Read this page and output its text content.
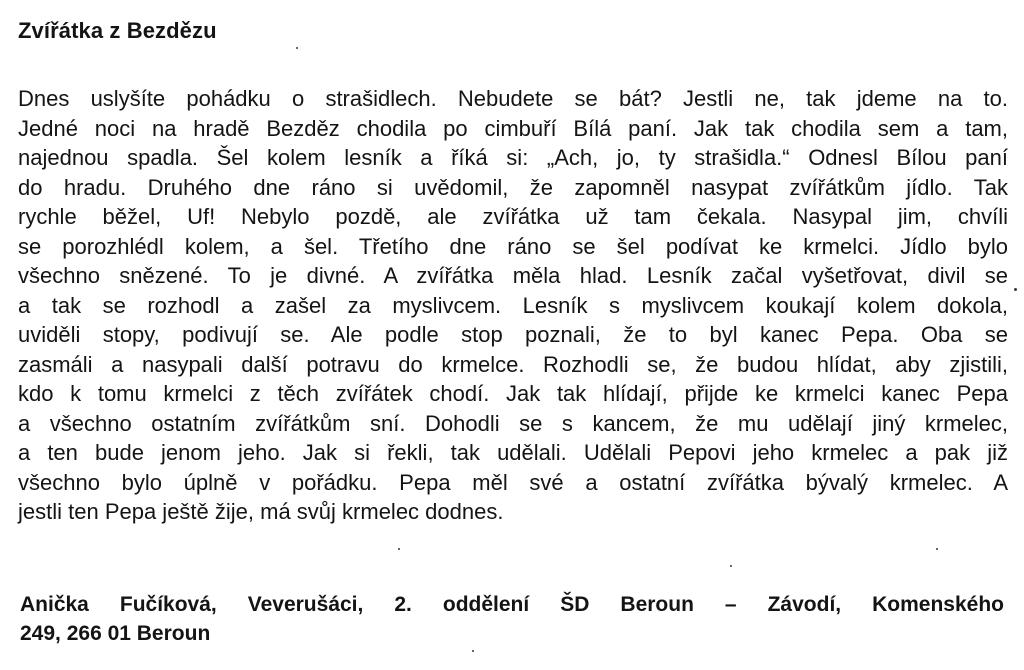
Zvířátka z Bezdězu

Dnes uslyšíte pohádku o strašidlech. Nebudete se bát? Jestli ne, tak jdeme na to.
Jedné noci na hradě Bezděz chodila po cimbuří Bílá paní. Jak tak chodila sem a tam,
najednou spadla. Šel kolem lesník a říká si: „Ach, jo, ty strašidla.“ Odnesl Bílou paní
do hradu. Druhého dne ráno si uvědomil, že zapomněl nasypat zvířátkům jídlo. Tak
rychle běžel, Uf! Nebylo pozdě, ale zvířátka už tam čekala. Nasypal jim, chvíli
se porozhlédl kolem, a šel. Třetího dne ráno se šel podívat ke krmelci. Jídlo bylo
všechno snězené. To je divné. A zvířátka měla hlad. Lesník začal vyšetřovat, divil se
a tak se rozhodl a zašel za myslivcem. Lesník s myslivcem koukají kolem dokola,
uviděli stopy, podivují se. Ale podle stop poznali, že to byl kanec Pepa. Oba se
zasmáli a nasypali další potravu do krmelce. Rozhodli se, že budou hlídat, aby zjistili,
kdo k tomu krmelci z těch zvířátek chodí. Jak tak hlídají, přijde ke krmelci kanec Pepa
a všechno ostatním zvířátkům sní. Dohodli se s kancem, že mu udělají jiný krmelec,
a ten bude jenom jeho. Jak si řekli, tak udělali. Udělali Pepovi jeho krmelec a pak již
všechno bylo úplně v pořádku. Pepa měl své a ostatní zvířátka bývalý krmelec. A
jestli ten Pepa ještě žije, má svůj krmelec dodnes.

Anička Fučíková, Veverušáci, 2. oddělení ŠD Beroun – Závodí, Komenského
249, 266 01 Beroun
